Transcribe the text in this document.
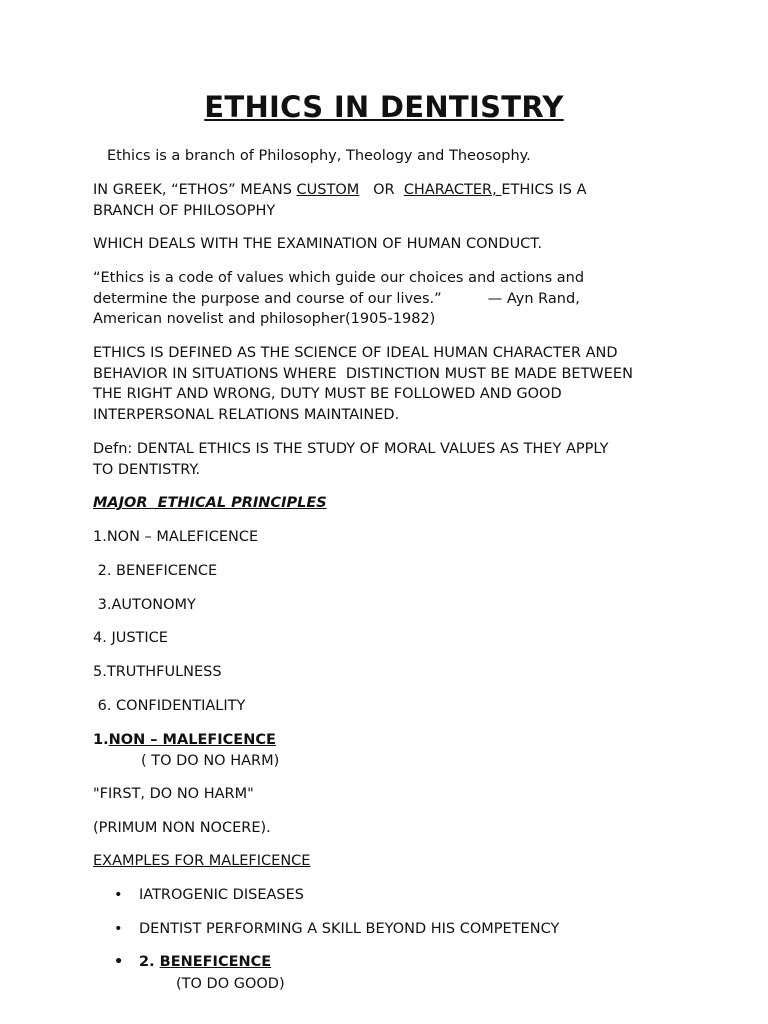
ETHICS IN DENTISTRY
Ethics is a branch of Philosophy, Theology and Theosophy.
IN GREEK, “ETHOS” MEANS CUSTOM   OR  CHARACTER, ETHICS IS A
BRANCH OF PHILOSOPHY
WHICH DEALS WITH THE EXAMINATION OF HUMAN CONDUCT.
“Ethics is a code of values which guide our choices and actions and
determine the purpose and course of our lives.”          — Ayn Rand,
American novelist and philosopher(1905-1982)
ETHICS IS DEFINED AS THE SCIENCE OF IDEAL HUMAN CHARACTER AND
BEHAVIOR IN SITUATIONS WHERE  DISTINCTION MUST BE MADE BETWEEN
THE RIGHT AND WRONG, DUTY MUST BE FOLLOWED AND GOOD
INTERPERSONAL RELATIONS MAINTAINED.
Defn: DENTAL ETHICS IS THE STUDY OF MORAL VALUES AS THEY APPLY
TO DENTISTRY.
MAJOR  ETHICAL PRINCIPLES
1.NON – MALEFICENCE
2. BENEFICENCE
3.AUTONOMY
4. JUSTICE
5.TRUTHFULNESS
6. CONFIDENTIALITY
1.NON – MALEFICENCE
( TO DO NO HARM)
"FIRST, DO NO HARM"
(PRIMUM NON NOCERE).
EXAMPLES FOR MALEFICENCE
• IATROGENIC DISEASES
• DENTIST PERFORMING A SKILL BEYOND HIS COMPETENCY
• 2. BENEFICENCE
(TO DO GOOD)
